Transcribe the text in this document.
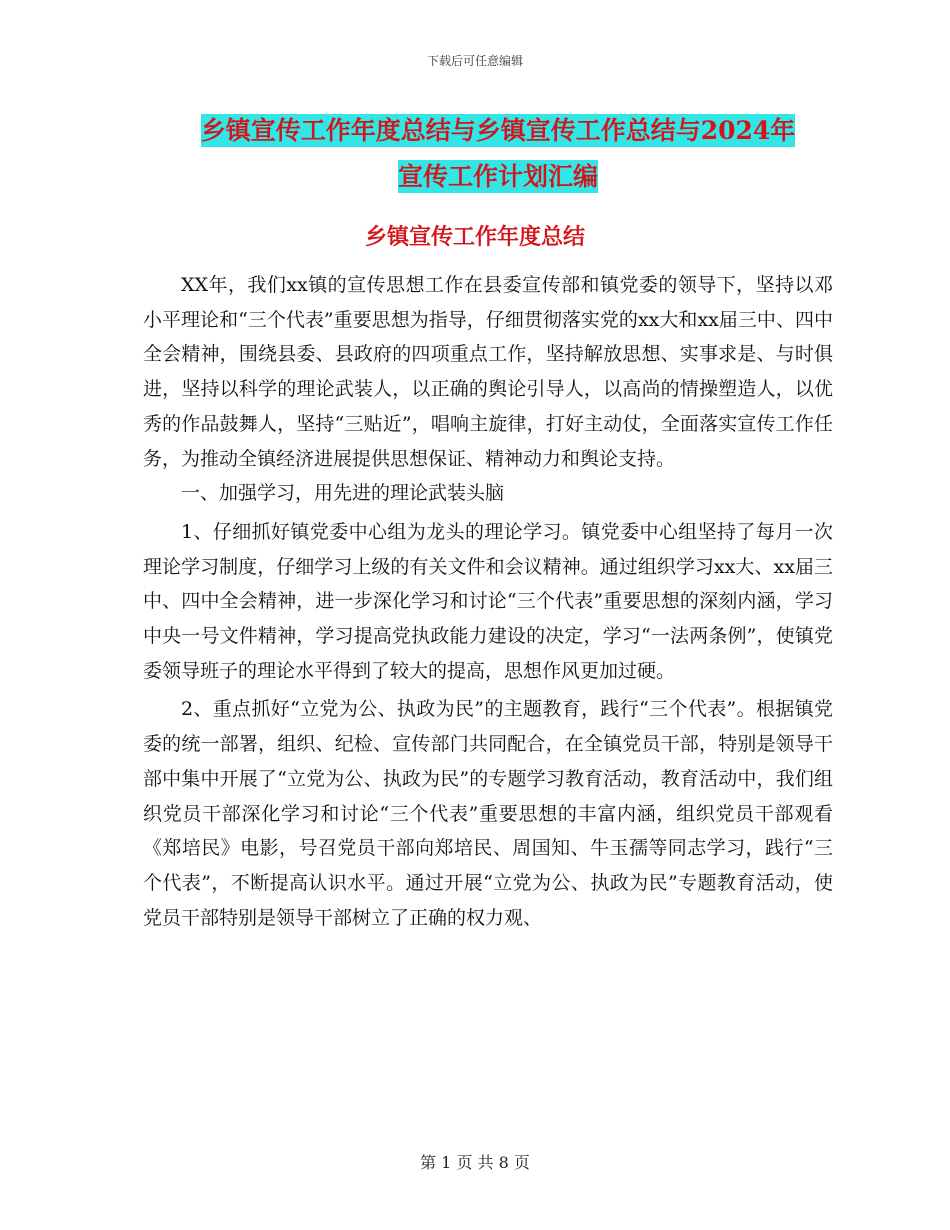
下载后可任意编辑
乡镇宣传工作年度总结与乡镇宣传工作总结与2024年
宣传工作计划汇编
乡镇宣传工作年度总结

XX年，我们xx镇的宣传思想工作在县委宣传部和镇党委的领导下，坚持以邓小平理论和“三个代表”重要思想为指导，仔细贯彻落实党的xx大和xx届三中、四中全会精神，围绕县委、县政府的四项重点工作，坚持解放思想、实事求是、与时俱进，坚持以科学的理论武装人，以正确的舆论引导人，以高尚的情操塑造人，以优秀的作品鼓舞人，坚持“三贴近”，唱响主旋律，打好主动仗，全面落实宣传工作任务，为推动全镇经济进展提供思想保证、精神动力和舆论支持。

一、加强学习，用先进的理论武装头脑

1、仔细抓好镇党委中心组为龙头的理论学习。镇党委中心组坚持了每月一次理论学习制度，仔细学习上级的有关文件和会议精神。通过组织学习xx大、xx届三中、四中全会精神，进一步深化学习和讨论“三个代表”重要思想的深刻内涵，学习中央一号文件精神，学习提高党执政能力建设的决定，学习“一法两条例”，使镇党委领导班子的理论水平得到了较大的提高，思想作风更加过硬。

2、重点抓好“立党为公、执政为民”的主题教育，践行“三个代表”。根据镇党委的统一部署，组织、纪检、宣传部门共同配合，在全镇党员干部，特别是领导干部中集中开展了“立党为公、执政为民”的专题学习教育活动，教育活动中，我们组织党员干部深化学习和讨论“三个代表”重要思想的丰富内涵，组织党员干部观看《郑培民》电影，号召党员干部向郑培民、周国知、牛玉孺等同志学习，践行“三个代表”，不断提高认识水平。通过开展“立党为公、执政为民”专题教育活动，使党员干部特别是领导干部树立了正确的权力观、

第 1 页 共 8 页
